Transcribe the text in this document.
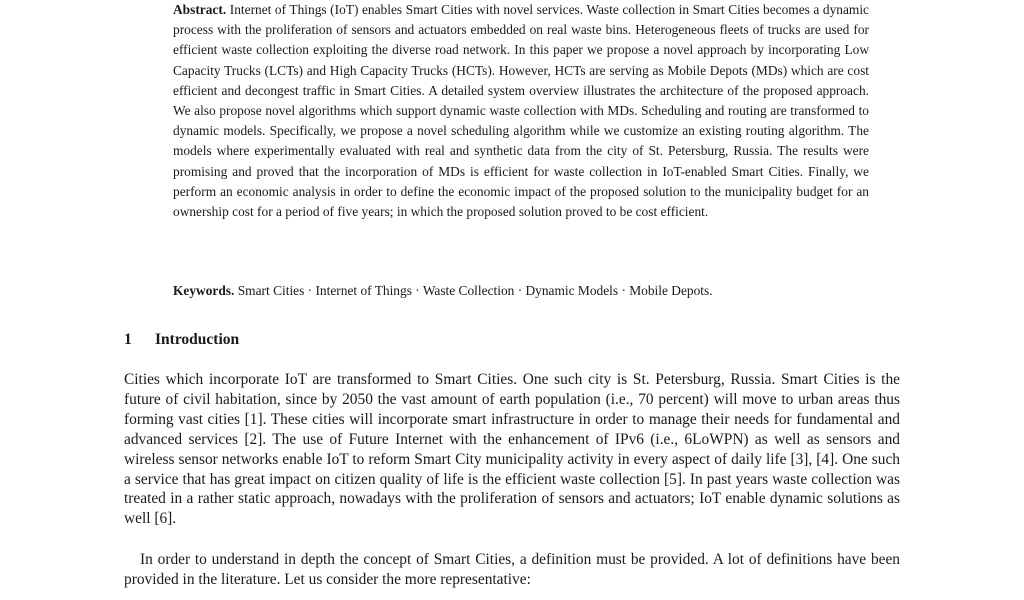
Abstract. Internet of Things (IoT) enables Smart Cities with novel services. Waste collection in Smart Cities becomes a dynamic process with the proliferation of sensors and actuators embedded on real waste bins. Heterogeneous fleets of trucks are used for efficient waste collection exploiting the diverse road network. In this paper we propose a novel approach by incorporating Low Capacity Trucks (LCTs) and High Capacity Trucks (HCTs). However, HCTs are serving as Mobile Depots (MDs) which are cost efficient and decongest traffic in Smart Cities. A detailed system overview illustrates the architecture of the proposed approach. We also propose novel algorithms which support dynamic waste collection with MDs. Scheduling and routing are transformed to dynamic models. Specifically, we propose a novel scheduling algorithm while we customize an existing routing algorithm. The models where experimentally evaluated with real and synthetic data from the city of St. Petersburg, Russia. The results were promising and proved that the incorporation of MDs is efficient for waste collection in IoT-enabled Smart Cities. Finally, we perform an economic analysis in order to define the economic impact of the proposed solution to the municipality budget for an ownership cost for a period of five years; in which the proposed solution proved to be cost efficient.

Keywords. Smart Cities · Internet of Things · Waste Collection · Dynamic Models · Mobile Depots.

1 Introduction

Cities which incorporate IoT are transformed to Smart Cities. One such city is St. Petersburg, Russia. Smart Cities is the future of civil habitation, since by 2050 the vast amount of earth population (i.e., 70 percent) will move to urban areas thus forming vast cities [1]. These cities will incorporate smart infrastructure in order to manage their needs for fundamental and advanced services [2]. The use of Future Internet with the enhancement of IPv6 (i.e., 6LoWPN) as well as sensors and wireless sensor networks enable IoT to reform Smart City municipality activity in every aspect of daily life [3], [4]. One such a service that has great impact on citizen quality of life is the efficient waste collection [5]. In past years waste collection was treated in a rather static approach, nowadays with the proliferation of sensors and actuators; IoT enable dynamic solutions as well [6].

In order to understand in depth the concept of Smart Cities, a definition must be provided. A lot of definitions have been provided in the literature. Let us consider the more representative:
